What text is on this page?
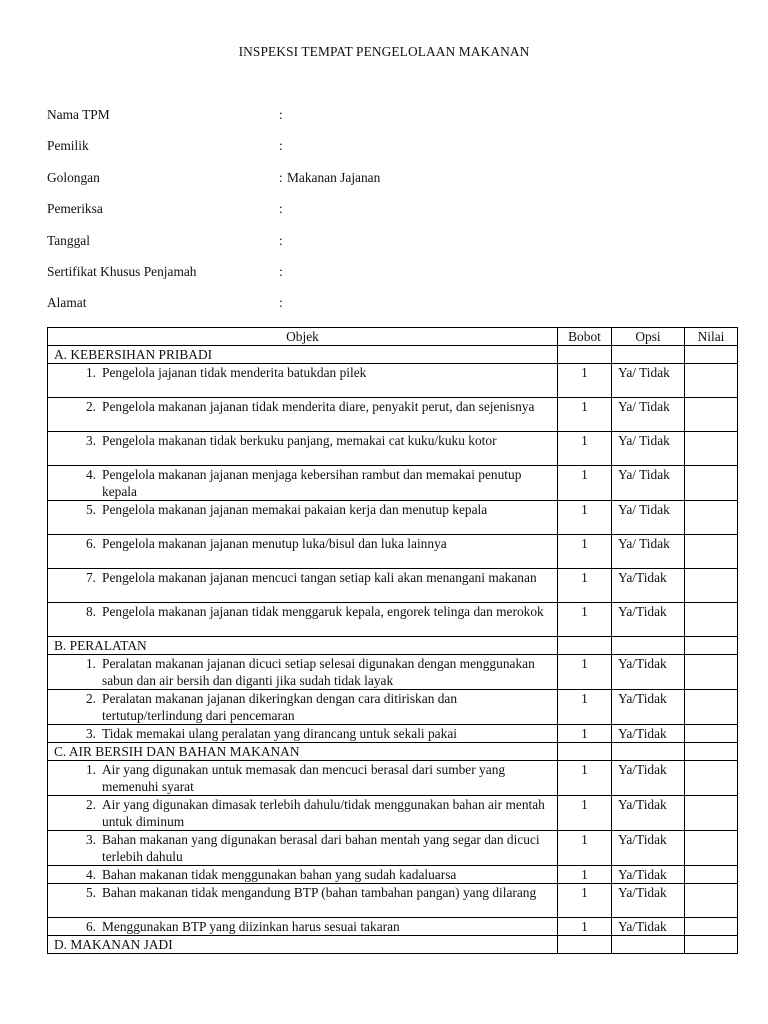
INSPEKSI TEMPAT PENGELOLAAN MAKANAN
Nama TPM	:
Pemilik	:
Golongan	: Makanan Jajanan
Pemeriksa	:
Tanggal	:
Sertifikat Khusus Penjamah	:
Alamat	:
Objek	Bobot	Opsi	Nilai
A. KEBERSIHAN PRIBADI			

1. Pengelola jajanan tidak menderita batukdan pilek	1	Ya/ Tidak	

2. Pengelola makanan jajanan tidak menderita diare, penyakit perut, dan sejenisnya	1	Ya/ Tidak	

3. Pengelola makanan tidak berkuku panjang, memakai cat kuku/kuku kotor	1	Ya/ Tidak	

4. Pengelola makanan jajanan menjaga kebersihan rambut dan memakai penutup kepala	1	Ya/ Tidak	

5. Pengelola makanan jajanan memakai pakaian kerja dan menutup kepala	1	Ya/ Tidak	

6. Pengelola makanan jajanan menutup luka/bisul dan luka lainnya	1	Ya/ Tidak	

7. Pengelola makanan jajanan mencuci tangan setiap kali akan menangani makanan	1	Ya/Tidak	

8. Pengelola makanan jajanan tidak menggaruk kepala, engorek telinga dan merokok	1	Ya/Tidak	
B. PERALATAN			

1. Peralatan makanan jajanan dicuci setiap selesai digunakan dengan menggunakan sabun dan air bersih dan diganti jika sudah tidak layak	1	Ya/Tidak	

2. Peralatan makanan jajanan dikeringkan dengan cara ditiriskan dan tertutup/terlindung dari pencemaran	1	Ya/Tidak	

3. Tidak memakai ulang peralatan yang dirancang untuk sekali pakai	1	Ya/Tidak	
C. AIR BERSIH DAN BAHAN MAKANAN			

1. Air yang digunakan untuk memasak dan mencuci berasal dari sumber yang memenuhi syarat	1	Ya/Tidak	

2. Air yang digunakan dimasak terlebih dahulu/tidak menggunakan bahan air mentah untuk diminum	1	Ya/Tidak	

3. Bahan makanan yang digunakan berasal dari bahan mentah yang segar dan dicuci terlebih dahulu	1	Ya/Tidak	

4. Bahan makanan tidak menggunakan bahan yang sudah kadaluarsa	1	Ya/Tidak	

5. Bahan makanan tidak mengandung BTP (bahan tambahan pangan) yang dilarang	1	Ya/Tidak	

6. Menggunakan BTP yang diizinkan harus sesuai takaran	1	Ya/Tidak	
D. MAKANAN JADI			
